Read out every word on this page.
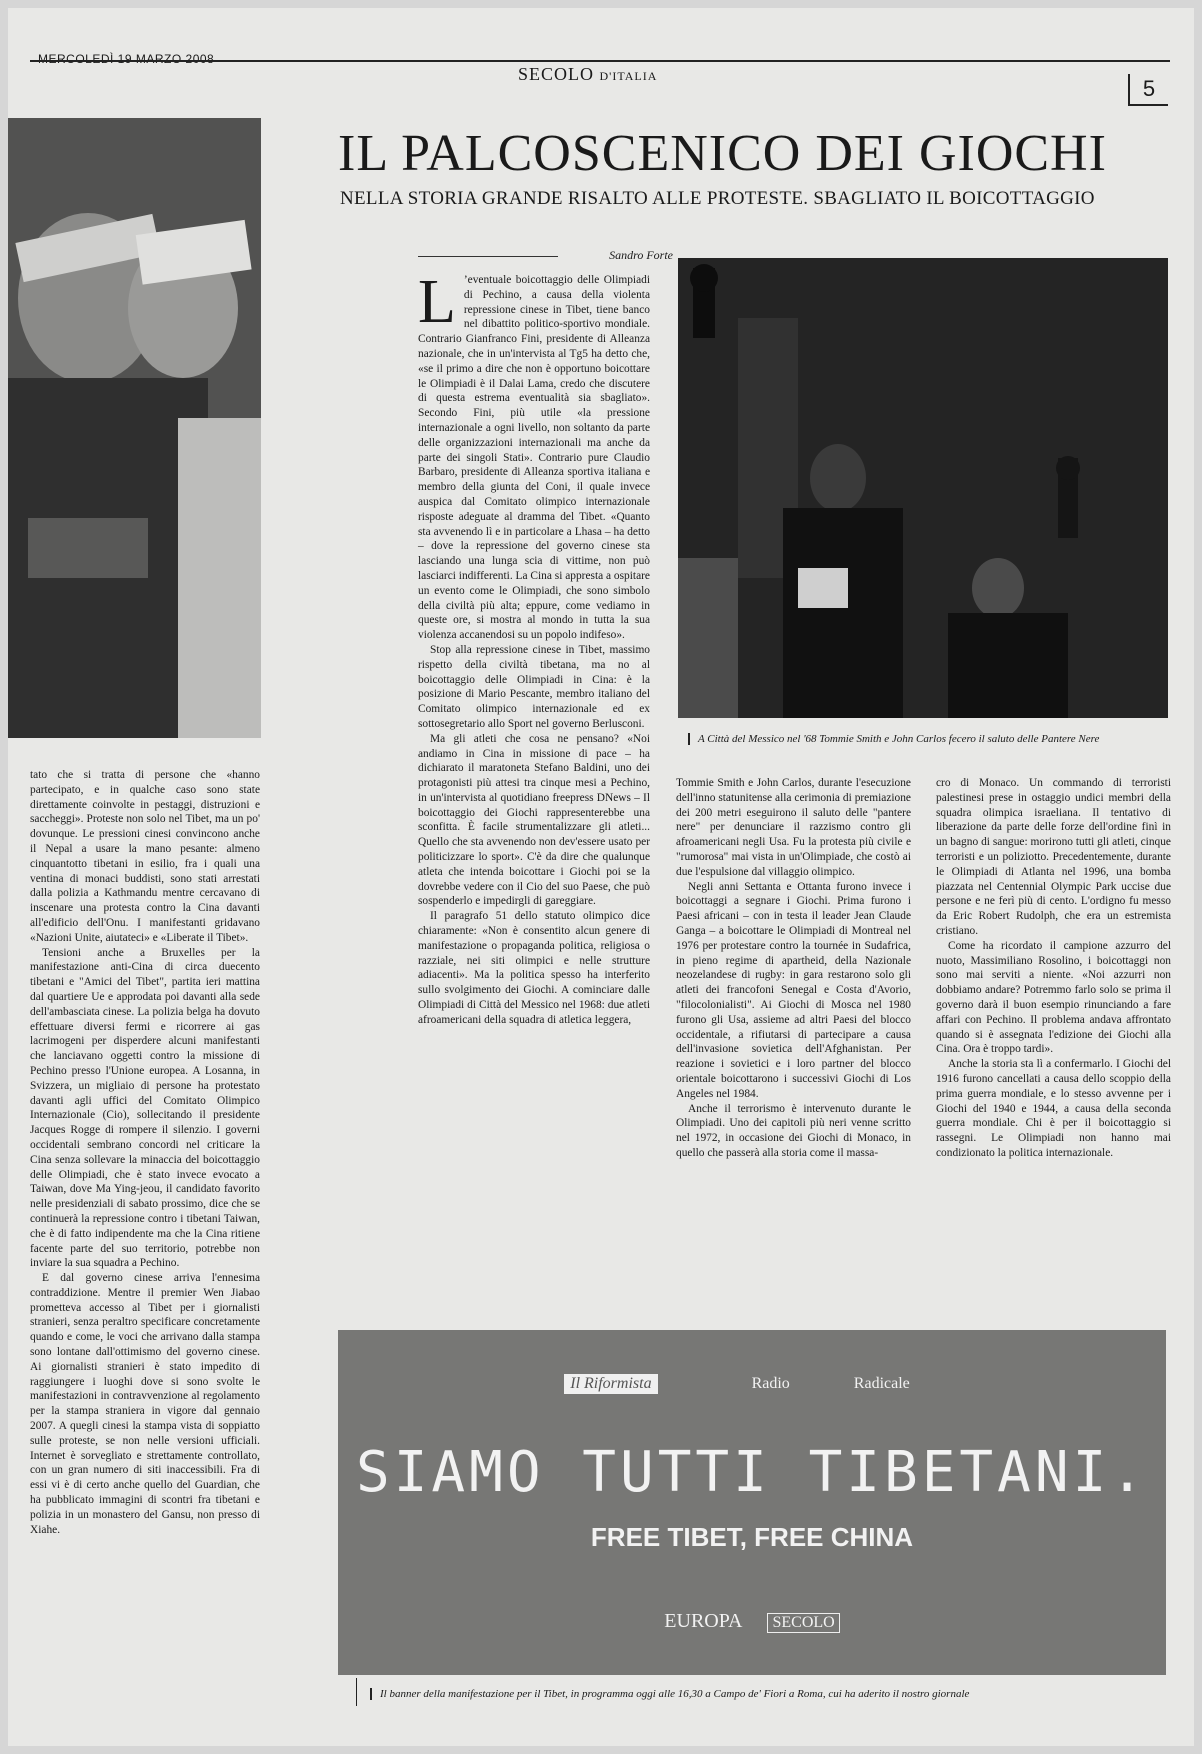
MERCOLEDÌ 19 MARZO 2008
SECOLO D'ITALIA	5
IL PALCOSCENICO DEI GIOCHI
NELLA STORIA GRANDE RISALTO ALLE PROTESTE. SBAGLIATO IL BOICOTTAGGIO
A Città del Messico nel '68 Tommie Smith e John Carlos fecero il saluto delle Pantere Nere
Sandro Forte

tato che si tratta di persone che «hanno partecipato, e in qualche caso sono state direttamente coinvolte in pestaggi, distruzioni e saccheggi». Proteste non solo nel Tibet, ma un po' dovunque. Le pressioni cinesi convincono anche il Nepal a usare la mano pesante: almeno cinquantotto tibetani in esilio, fra i quali una ventina di monaci buddisti, sono stati arrestati dalla polizia a Kathmandu mentre cercavano di inscenare una protesta contro la Cina davanti all'edificio dell'Onu. I manifestanti gridavano «Nazioni Unite, aiutateci» e «Liberate il Tibet».

Tensioni anche a Bruxelles per la manifestazione anti-Cina di circa duecento tibetani e "Amici del Tibet", partita ieri mattina dal quartiere Ue e approdata poi davanti alla sede dell'ambasciata cinese. La polizia belga ha dovuto effettuare diversi fermi e ricorrere ai gas lacrimogeni per disperdere alcuni manifestanti che lanciavano oggetti contro la missione di Pechino presso l'Unione europea. A Losanna, in Svizzera, un migliaio di persone ha protestato davanti agli uffici del Comitato Olimpico Internazionale (Cio), sollecitando il presidente Jacques Rogge di rompere il silenzio. I governi occidentali sembrano concordi nel criticare la Cina senza sollevare la minaccia del boicottaggio delle Olimpiadi, che è stato invece evocato a Taiwan, dove Ma Ying-jeou, il candidato favorito nelle presidenziali di sabato prossimo, dice che se continuerà la repressione contro i tibetani Taiwan, che è di fatto indipendente ma che la Cina ritiene facente parte del suo territorio, potrebbe non inviare la sua squadra a Pechino.

E dal governo cinese arriva l'ennesima contraddizione. Mentre il premier Wen Jiabao prometteva accesso al Tibet per i giornalisti stranieri, senza peraltro specificare concretamente quando e come, le voci che arrivano dalla stampa sono lontane dall'ottimismo del governo cinese. Ai giornalisti stranieri è stato impedito di raggiungere i luoghi dove si sono svolte le manifestazioni in contravvenzione al regolamento per la stampa straniera in vigore dal gennaio 2007. A quegli cinesi la stampa vista di soppiatto sulle proteste, se non nelle versioni ufficiali. Internet è sorvegliato e strettamente controllato, con un gran numero di siti inaccessibili. Fra di essi vi è di certo anche quello del Guardian, che ha pubblicato immagini di scontri fra tibetani e polizia in un monastero del Gansu, non presso di Xiahe.

L ’eventuale boicottaggio delle Olimpiadi di Pechino, a causa della violenta repressione cinese in Tibet, tiene banco nel dibattito politico-sportivo mondiale. Contrario Gianfranco Fini, presidente di Alleanza nazionale, che in un'intervista al Tg5 ha detto che, «se il primo a dire che non è opportuno boicottare le Olimpiadi è il Dalai Lama, credo che discutere di questa estrema eventualità sia sbagliato». Secondo Fini, più utile «la pressione internazionale a ogni livello, non soltanto da parte delle organizzazioni internazionali ma anche da parte dei singoli Stati». Contrario pure Claudio Barbaro, presidente di Alleanza sportiva italiana e membro della giunta del Coni, il quale invece auspica dal Comitato olimpico internazionale risposte adeguate al dramma del Tibet. «Quanto sta avvenendo lì e in particolare a Lhasa – ha detto – dove la repressione del governo cinese sta lasciando una lunga scia di vittime, non può lasciarci indifferenti. La Cina si appresta a ospitare un evento come le Olimpiadi, che sono simbolo della civiltà più alta; eppure, come vediamo in queste ore, si mostra al mondo in tutta la sua violenza accanendosi su un popolo indifeso».

Stop alla repressione cinese in Tibet, massimo rispetto della civiltà tibetana, ma no al boicottaggio delle Olimpiadi in Cina: è la posizione di Mario Pescante, membro italiano del Comitato olimpico internazionale ed ex sottosegretario allo Sport nel governo Berlusconi.

Ma gli atleti che cosa ne pensano? «Noi andiamo in Cina in missione di pace – ha dichiarato il maratoneta Stefano Baldini, uno dei protagonisti più attesi tra cinque mesi a Pechino, in un'intervista al quotidiano freepress DNews – Il boicottaggio dei Giochi rappresenterebbe una sconfitta. È facile strumentalizzare gli atleti... Quello che sta avvenendo non dev'essere usato per politicizzare lo sport». C'è da dire che qualunque atleta che intenda boicottare i Giochi poi se la dovrebbe vedere con il Cio del suo Paese, che può sospenderlo e impedirgli di gareggiare.

Il paragrafo 51 dello statuto olimpico dice chiaramente: «Non è consentito alcun genere di manifestazione o propaganda politica, religiosa o razziale, nei siti olimpici e nelle strutture adiacenti». Ma la politica spesso ha interferito sullo svolgimento dei Giochi. A cominciare dalle Olimpiadi di Città del Messico nel 1968: due atleti afroamericani della squadra di atletica leggera,

Tommie Smith e John Carlos, durante l'esecuzione dell'inno statunitense alla cerimonia di premiazione dei 200 metri eseguirono il saluto delle "pantere nere" per denunciare il razzismo contro gli afroamericani negli Usa. Fu la protesta più civile e "rumorosa" mai vista in un'Olimpiade, che costò ai due l'espulsione dal villaggio olimpico.

Negli anni Settanta e Ottanta furono invece i boicottaggi a segnare i Giochi. Prima furono i Paesi africani – con in testa il leader Jean Claude Ganga – a boicottare le Olimpiadi di Montreal nel 1976 per protestare contro la tournée in Sudafrica, in pieno regime di apartheid, della Nazionale neozelandese di rugby: in gara restarono solo gli atleti dei francofoni Senegal e Costa d'Avorio, "filocolonialisti". Ai Giochi di Mosca nel 1980 furono gli Usa, assieme ad altri Paesi del blocco occidentale, a rifiutarsi di partecipare a causa dell'invasione sovietica dell'Afghanistan. Per reazione i sovietici e i loro partner del blocco orientale boicottarono i successivi Giochi di Los Angeles nel 1984.

Anche il terrorismo è intervenuto durante le Olimpiadi. Uno dei capitoli più neri venne scritto nel 1972, in occasione dei Giochi di Monaco, in quello che passerà alla storia come il massa-

cro di Monaco. Un commando di terroristi palestinesi prese in ostaggio undici membri della squadra olimpica israeliana. Il tentativo di liberazione da parte delle forze dell'ordine finì in un bagno di sangue: morirono tutti gli atleti, cinque terroristi e un poliziotto. Precedentemente, durante le Olimpiadi di Atlanta nel 1996, una bomba piazzata nel Centennial Olympic Park uccise due persone e ne ferì più di cento. L'ordigno fu messo da Eric Robert Rudolph, che era un estremista cristiano.

Come ha ricordato il campione azzurro del nuoto, Massimiliano Rosolino, i boicottaggi non sono mai serviti a niente. «Noi azzurri non dobbiamo andare? Potremmo farlo solo se prima il governo darà il buon esempio rinunciando a fare affari con Pechino. Il problema andava affrontato quando si è assegnata l'edizione dei Giochi alla Cina. Ora è troppo tardi».

Anche la storia sta lì a confermarlo. I Giochi del 1916 furono cancellati a causa dello scoppio della prima guerra mondiale, e lo stesso avvenne per i Giochi del 1940 e 1944, a causa della seconda guerra mondiale. Chi è per il boicottaggio si rassegni. Le Olimpiadi non hanno mai condizionato la politica internazionale.

Il Riformista	Radio	Radicale
SIAMO TUTTI TIBETANI.
FREE TIBET, FREE CHINA
EUROPA SECOLO
Il banner della manifestazione per il Tibet, in programma oggi alle 16,30 a Campo de' Fiori a Roma, cui ha aderito il nostro giornale
